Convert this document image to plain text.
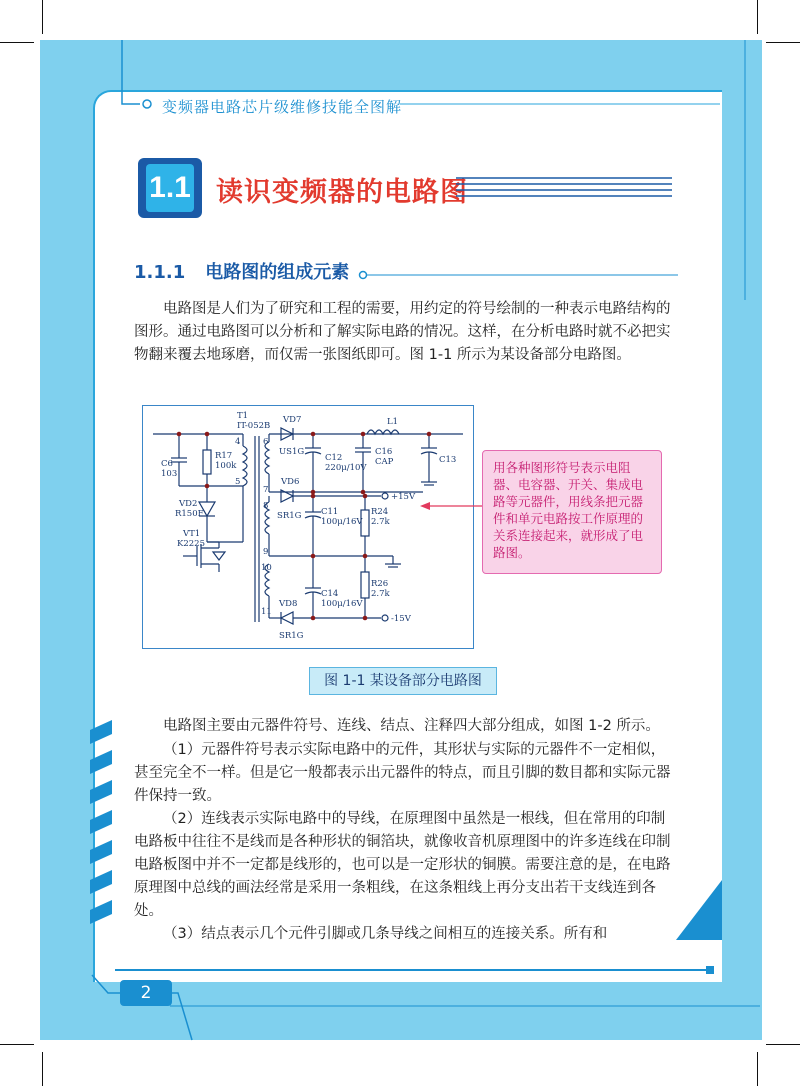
变频器电路芯片级维修技能全图解
1.1 读识变频器的电路图
1.1.1 电路图的组成元素

电路图是人们为了研究和工程的需要，用约定的符号绘制的一种表示电路结构的图形。通过电路图可以分析和了解实际电路的情况。这样，在分析电路时就不必把实物翻来覆去地琢磨，而仅需一张图纸即可。图 1-1 所示为某设备部分电路图。

T1
IT-052B
C6
103
R17
100k
VD2
R150F
VT1
K2225
VD7
US1G
C12
220μ/10V
L1
C16
CAP	C13
VD6
SR1G C11
100μ/16V
R24
2.7k
C14
100μ/16V
R26
2.7k
VD8
SR1G
+15V
-15V
4
5
6
7
8
9
10
11
用各种图形符号表示电阻器、电容器、开关、集成电路等元器件，用线条把元器件和单元电路按工作原理的关系连接起来，就形成了电路图。
图 1-1 某设备部分电路图

电路图主要由元器件符号、连线、结点、注释四大部分组成，如图 1-2 所示。

（1）元器件符号表示实际电路中的元件，其形状与实际的元器件不一定相似，甚至完全不一样。但是它一般都表示出元器件的特点，而且引脚的数目都和实际元器件保持一致。

（2）连线表示实际电路中的导线，在原理图中虽然是一根线，但在常用的印制电路板中往往不是线而是各种形状的铜箔块，就像收音机原理图中的许多连线在印制电路板图中并不一定都是线形的，也可以是一定形状的铜膜。需要注意的是，在电路原理图中总线的画法经常是采用一条粗线，在这条粗线上再分支出若干支线连到各处。

（3）结点表示几个元件引脚或几条导线之间相互的连接关系。所有和

2
